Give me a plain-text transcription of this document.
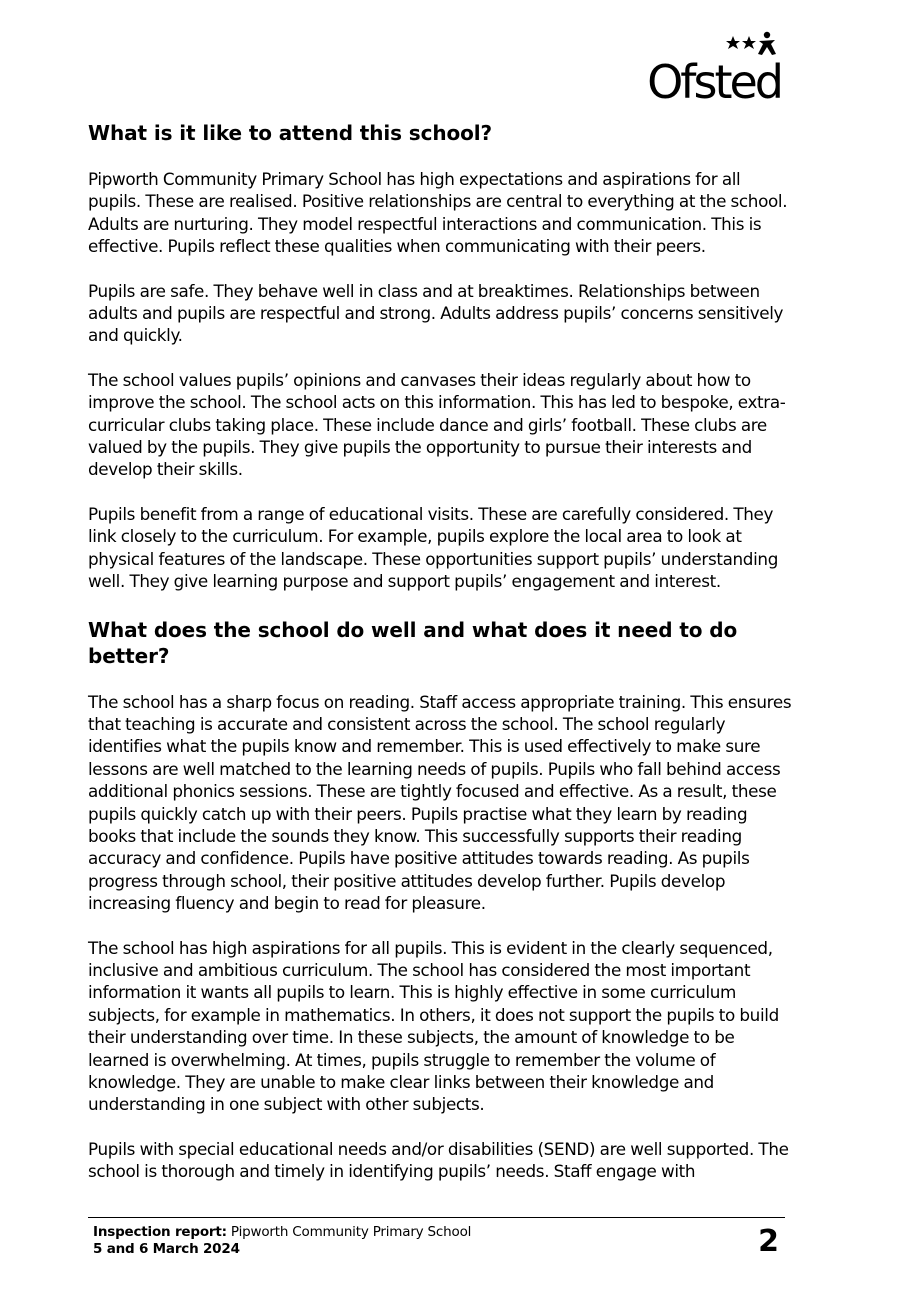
Ofsted
What is it like to attend this school?

Pipworth Community Primary School has high expectations and aspirations for all pupils. These are realised. Positive relationships are central to everything at the school. Adults are nurturing. They model respectful interactions and communication. This is effective. Pupils reflect these qualities when communicating with their peers.

Pupils are safe. They behave well in class and at breaktimes. Relationships between adults and pupils are respectful and strong. Adults address pupils’ concerns sensitively and quickly.

The school values pupils’ opinions and canvases their ideas regularly about how to improve the school. The school acts on this information. This has led to bespoke, extra-curricular clubs taking place. These include dance and girls’ football. These clubs are valued by the pupils. They give pupils the opportunity to pursue their interests and develop their skills.

Pupils benefit from a range of educational visits. These are carefully considered. They link closely to the curriculum. For example, pupils explore the local area to look at physical features of the landscape. These opportunities support pupils’ understanding well. They give learning purpose and support pupils’ engagement and interest.

What does the school do well and what does it need to do better?

The school has a sharp focus on reading. Staff access appropriate training. This ensures that teaching is accurate and consistent across the school. The school regularly identifies what the pupils know and remember. This is used effectively to make sure lessons are well matched to the learning needs of pupils. Pupils who fall behind access additional phonics sessions. These are tightly focused and effective. As a result, these pupils quickly catch up with their peers. Pupils practise what they learn by reading books that include the sounds they know. This successfully supports their reading accuracy and confidence. Pupils have positive attitudes towards reading. As pupils progress through school, their positive attitudes develop further. Pupils develop increasing fluency and begin to read for pleasure.

The school has high aspirations for all pupils. This is evident in the clearly sequenced, inclusive and ambitious curriculum. The school has considered the most important information it wants all pupils to learn. This is highly effective in some curriculum subjects, for example in mathematics. In others, it does not support the pupils to build their understanding over time. In these subjects, the amount of knowledge to be learned is overwhelming. At times, pupils struggle to remember the volume of knowledge. They are unable to make clear links between their knowledge and understanding in one subject with other subjects.

Pupils with special educational needs and/or disabilities (SEND) are well supported. The school is thorough and timely in identifying pupils’ needs. Staff engage with

Inspection report: Pipworth Community Primary School
5 and 6 March 2024	2
